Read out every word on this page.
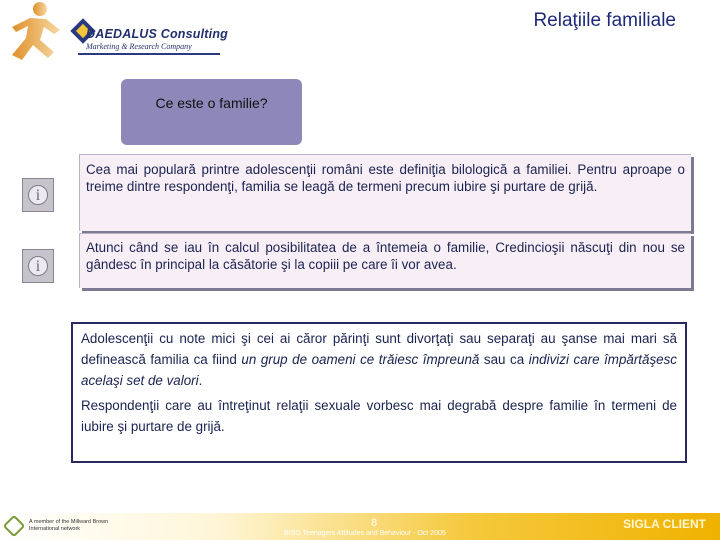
DAEDALUS Consulting
Marketing & Research Company
Relaţiile familiale
Ce este o familie?
i

Cea mai populară printre adolescenţii români este definiţia bilologică a familiei. Pentru aproape o treime dintre respondenţi, familia se leagă de termeni precum iubire şi purtare de grijă.

i

Atunci când se iau în calcul posibilitatea de a întemeia o familie, Credincioşii născuţi din nou se gândesc în principal la căsătorie şi la copiii pe care îi vor avea.

Adolescenţii cu note mici şi cei ai căror părinţi sunt divorţaţi sau separaţi au şanse mai mari să definească familia ca fiind un grup de oameni ce trăiesc împreună sau ca indivizi care împărtăşesc acelaşi set de valori.

Respondenţii care au întreţinut relaţii sexuale vorbesc mai degrabă despre familie în termeni de iubire şi purtare de grijă.

A member of the Millward Brown
International network	8
BISO Teenagers Attitudes and Behaviour - Oct 2005
SIGLA CLIENT
